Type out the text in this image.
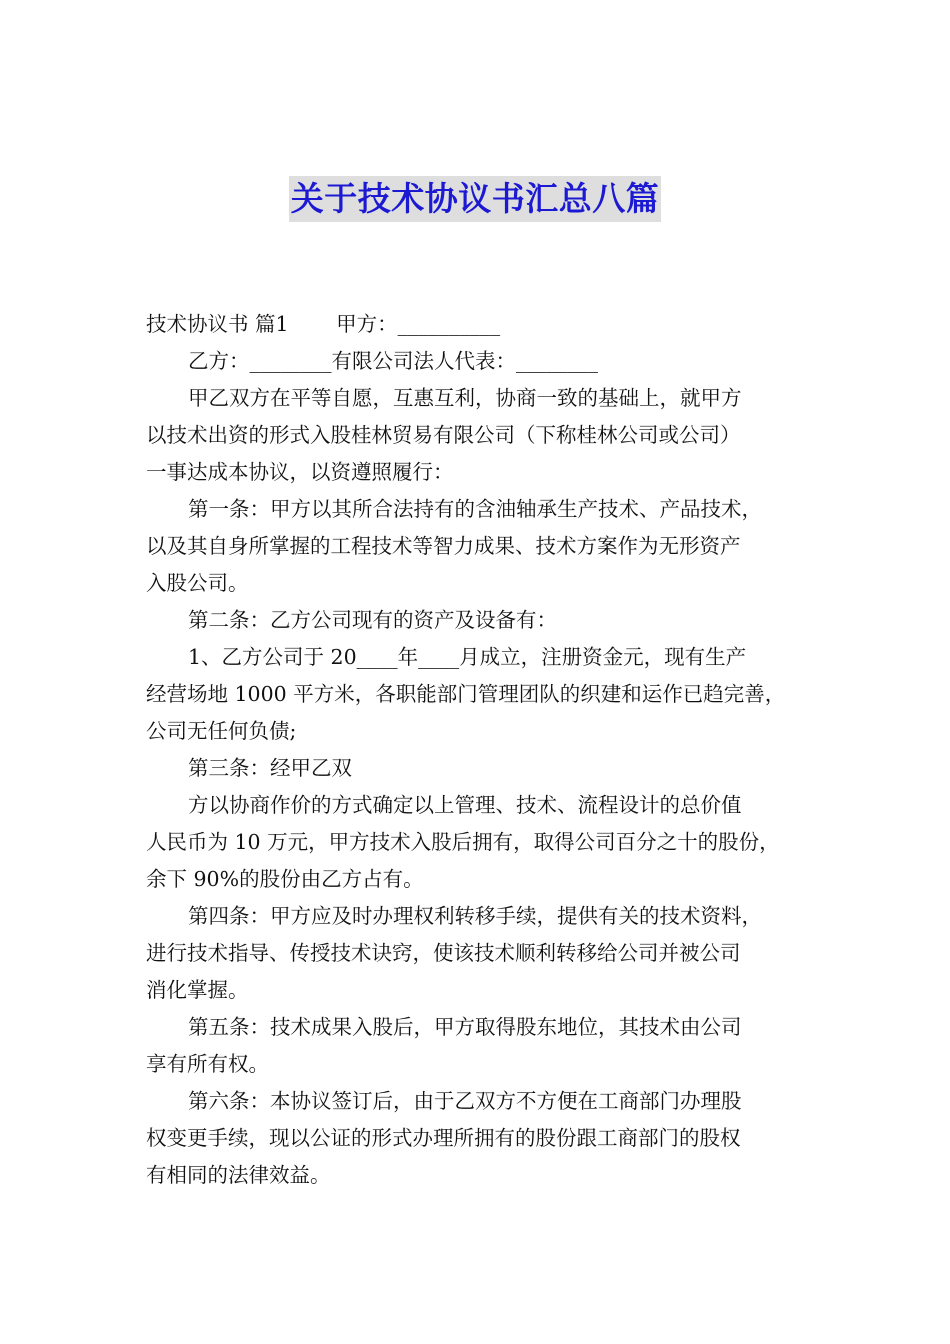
关于技术协议书汇总八篇
技术协议书 篇1　　 甲方：__________
乙方：________有限公司法人代表：________
甲乙双方在平等自愿，互惠互利，协商一致的基础上，就甲方
以技术出资的形式入股桂林贸易有限公司（下称桂林公司或公司）
一事达成本协议，以资遵照履行：
第一条：甲方以其所合法持有的含油轴承生产技术、产品技术，
以及其自身所掌握的工程技术等智力成果、技术方案作为无形资产
入股公司。
第二条：乙方公司现有的资产及设备有：
1、乙方公司于 20____年____月成立，注册资金元，现有生产
经营场地 1000 平方米，各职能部门管理团队的织建和运作已趋完善，
公司无任何负债;
第三条：经甲乙双
方以协商作价的方式确定以上管理、技术、流程设计的总价值
人民币为 10 万元，甲方技术入股后拥有，取得公司百分之十的股份，
余下 90%的股份由乙方占有。
第四条：甲方应及时办理权利转移手续，提供有关的技术资料，
进行技术指导、传授技术诀窍，使该技术顺利转移给公司并被公司
消化掌握。
第五条：技术成果入股后，甲方取得股东地位，其技术由公司
享有所有权。
第六条：本协议签订后，由于乙双方不方便在工商部门办理股
权变更手续，现以公证的形式办理所拥有的股份跟工商部门的股权
有相同的法律效益。
